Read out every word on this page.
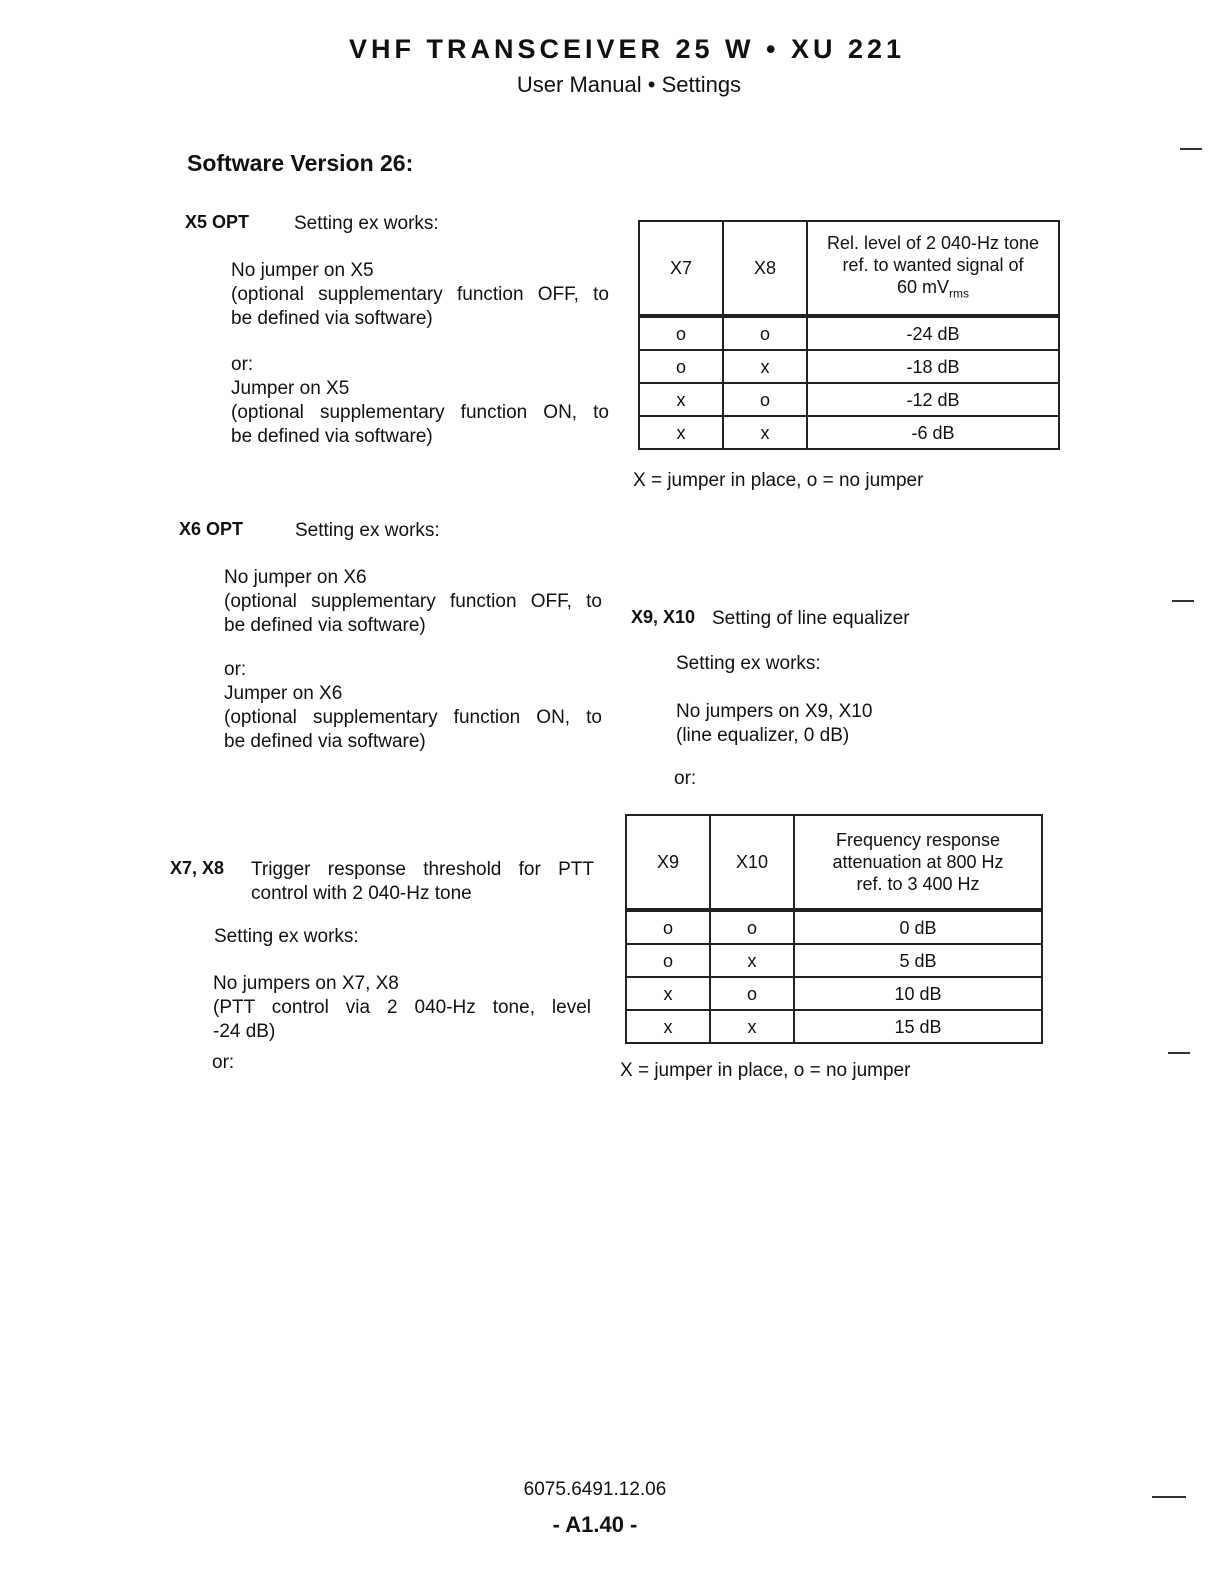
VHF TRANSCEIVER 25 W • XU 221
User Manual • Settings
Software Version 26:
X5 OPT Setting ex works:
No jumper on X5
(optional supplementary function OFF, to
be defined via software)
or:
Jumper on X5
(optional supplementary function ON, to
be defined via software)
X7	X8	Rel. level of 2 040-Hz tone
ref. to wanted signal of
60 $mV_{rms}$

o	o	-24 dB
o	x	-18 dB
x	o	-12 dB
x	x	-6 dB
X = jumper in place, o = no jumper
X6 OPT	Setting ex works:
No jumper on X6
(optional supplementary function OFF, to
be defined via software)
or:
Jumper on X6
(optional supplementary function ON, to
be defined via software)
X9, X10 Setting of line equalizer
Setting ex works:
No jumpers on X9, X10
(line equalizer, 0 dB)
or:
X9	X10	Frequency response
attenuation at 800 Hz
ref. to 3 400 Hz

o	o	0 dB
o	x	5 dB
x	o	10 dB
x	x	15 dB
X = jumper in place, o = no jumper
X7, X8 Trigger response threshold for PTT
control with 2 040-Hz tone
Setting ex works:
No jumpers on X7, X8
(PTT control via 2 040-Hz tone, level
-24 dB)
or:
6075.6491.12.06
- A1.40 -
